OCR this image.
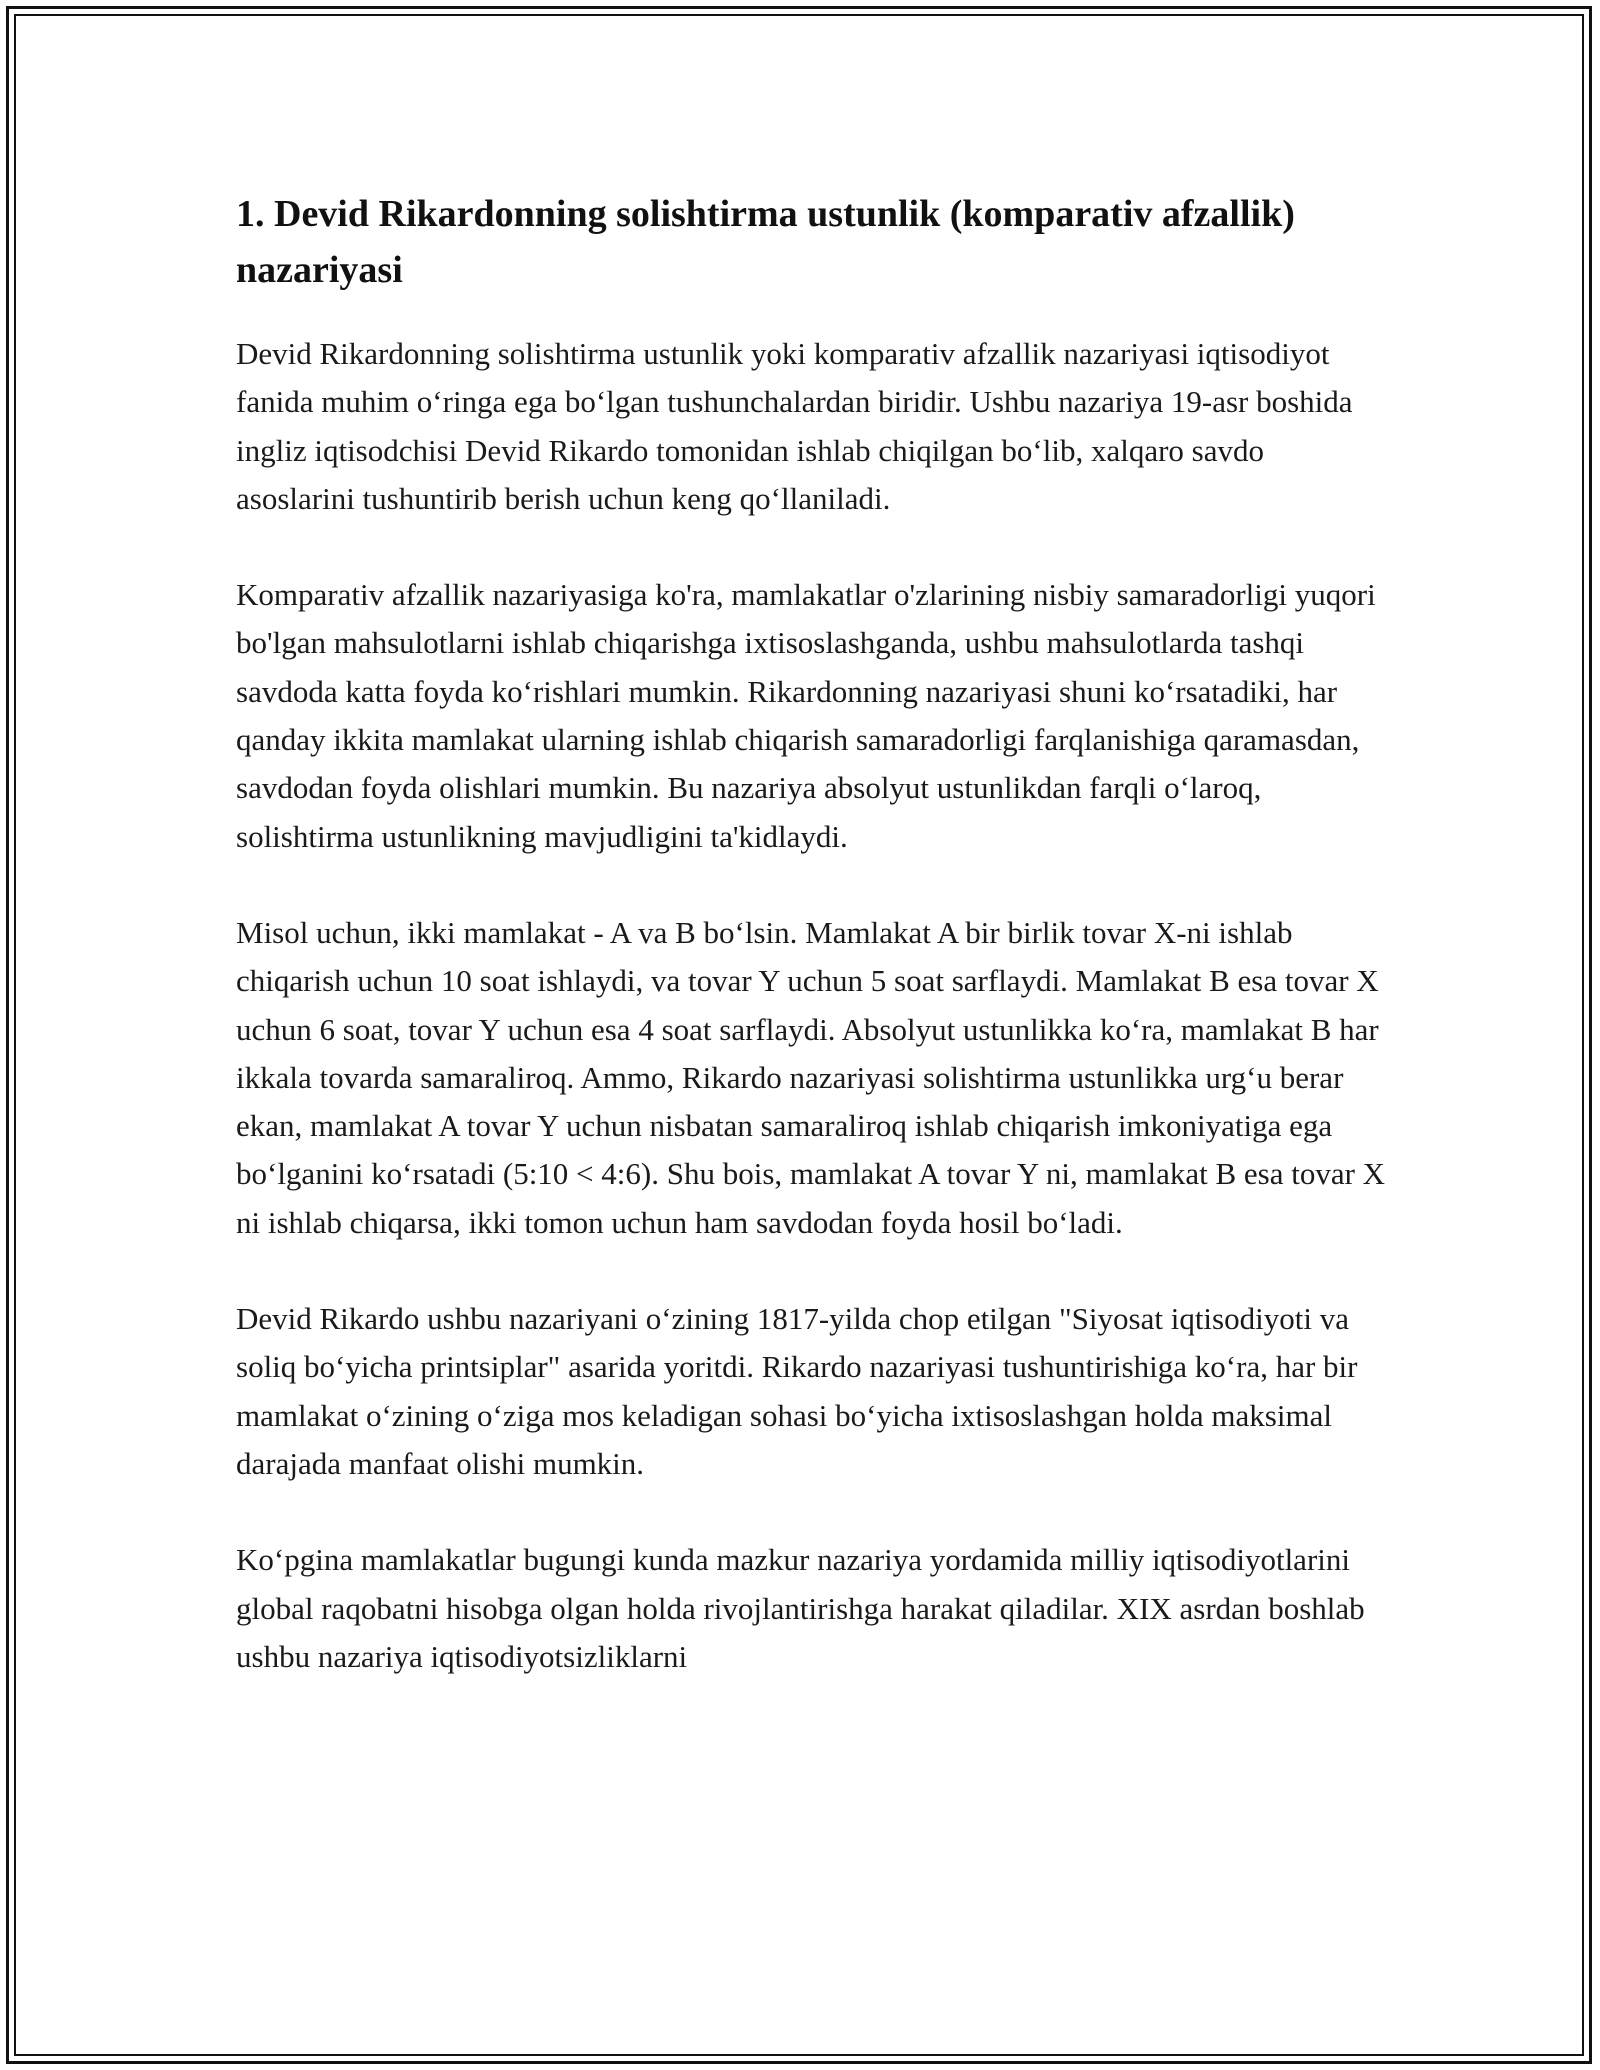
1. Devid Rikardonning solishtirma ustunlik (komparativ afzallik) nazariyasi

Devid Rikardonning solishtirma ustunlik yoki komparativ afzallik nazariyasi iqtisodiyot fanida muhim o‘ringa ega bo‘lgan tushunchalardan biridir. Ushbu nazariya 19-asr boshida ingliz iqtisodchisi Devid Rikardo tomonidan ishlab chiqilgan bo‘lib, xalqaro savdo asoslarini tushuntirib berish uchun keng qo‘llaniladi.

Komparativ afzallik nazariyasiga ko'ra, mamlakatlar o'zlarining nisbiy samaradorligi yuqori bo'lgan mahsulotlarni ishlab chiqarishga ixtisoslashganda, ushbu mahsulotlarda tashqi savdoda katta foyda ko‘rishlari mumkin. Rikardonning nazariyasi shuni ko‘rsatadiki, har qanday ikkita mamlakat ularning ishlab chiqarish samaradorligi farqlanishiga qaramasdan, savdodan foyda olishlari mumkin. Bu nazariya absolyut ustunlikdan farqli o‘laroq, solishtirma ustunlikning mavjudligini ta'kidlaydi.

Misol uchun, ikki mamlakat - A va B bo‘lsin. Mamlakat A bir birlik tovar X-ni ishlab chiqarish uchun 10 soat ishlaydi, va tovar Y uchun 5 soat sarflaydi. Mamlakat B esa tovar X uchun 6 soat, tovar Y uchun esa 4 soat sarflaydi. Absolyut ustunlikka ko‘ra, mamlakat B har ikkala tovarda samaraliroq. Ammo, Rikardo nazariyasi solishtirma ustunlikka urg‘u berar ekan, mamlakat A tovar Y uchun nisbatan samaraliroq ishlab chiqarish imkoniyatiga ega bo‘lganini ko‘rsatadi (5:10 < 4:6). Shu bois, mamlakat A tovar Y ni, mamlakat B esa tovar X ni ishlab chiqarsa, ikki tomon uchun ham savdodan foyda hosil bo‘ladi.

Devid Rikardo ushbu nazariyani o‘zining 1817-yilda chop etilgan "Siyosat iqtisodiyoti va soliq bo‘yicha printsiplar" asarida yoritdi. Rikardo nazariyasi tushuntirishiga ko‘ra, har bir mamlakat o‘zining o‘ziga mos keladigan sohasi bo‘yicha ixtisoslashgan holda maksimal darajada manfaat olishi mumkin.

Ko‘pgina mamlakatlar bugungi kunda mazkur nazariya yordamida milliy iqtisodiyotlarini global raqobatni hisobga olgan holda rivojlantirishga harakat qiladilar. XIX asrdan boshlab ushbu nazariya iqtisodiyotsizliklarni
